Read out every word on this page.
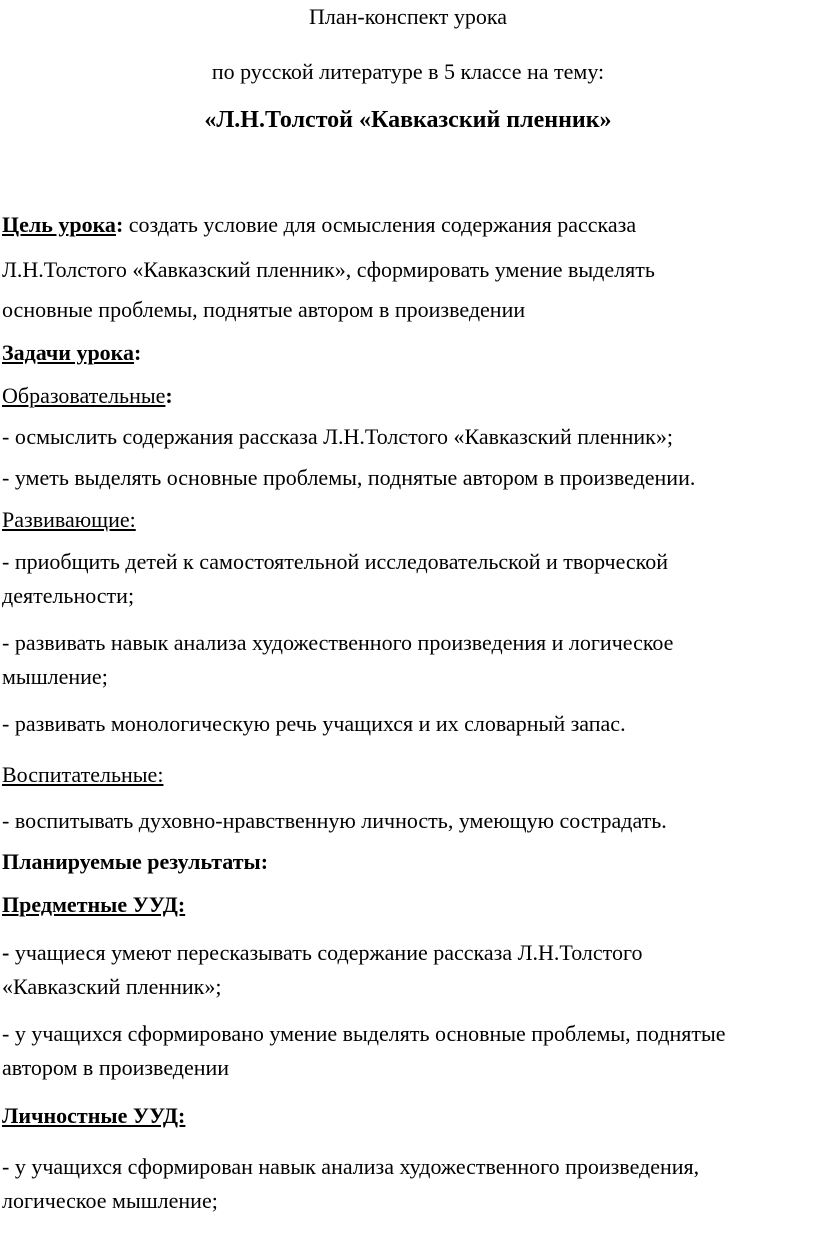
План-конспект урока
по русской литературе в 5 классе на тему:
«Л.Н.Толстой «Кавказский пленник»
Цель урока: создать условие для осмысления содержания рассказа
Л.Н.Толстого «Кавказский пленник», сформировать умение выделять
основные проблемы, поднятые автором в произведении
Задачи урока:
Образовательные:
- осмыслить содержания рассказа Л.Н.Толстого «Кавказский пленник»;
- уметь выделять основные проблемы, поднятые автором в произведении.
Развивающие:
- приобщить детей к самостоятельной исследовательской и творческой
деятельности;
- развивать навык анализа художественного произведения и логическое
мышление;
- развивать монологическую речь учащихся и их словарный запас.
Воспитательные:
- воспитывать духовно-нравственную личность, умеющую сострадать.
Планируемые результаты:
Предметные УУД:
- учащиеся умеют пересказывать содержание рассказа Л.Н.Толстого
«Кавказский пленник»;
- у учащихся сформировано умение выделять основные проблемы, поднятые
автором в произведении
Личностные УУД:
- у учащихся сформирован навык анализа художественного произведения,
логическое мышление;
